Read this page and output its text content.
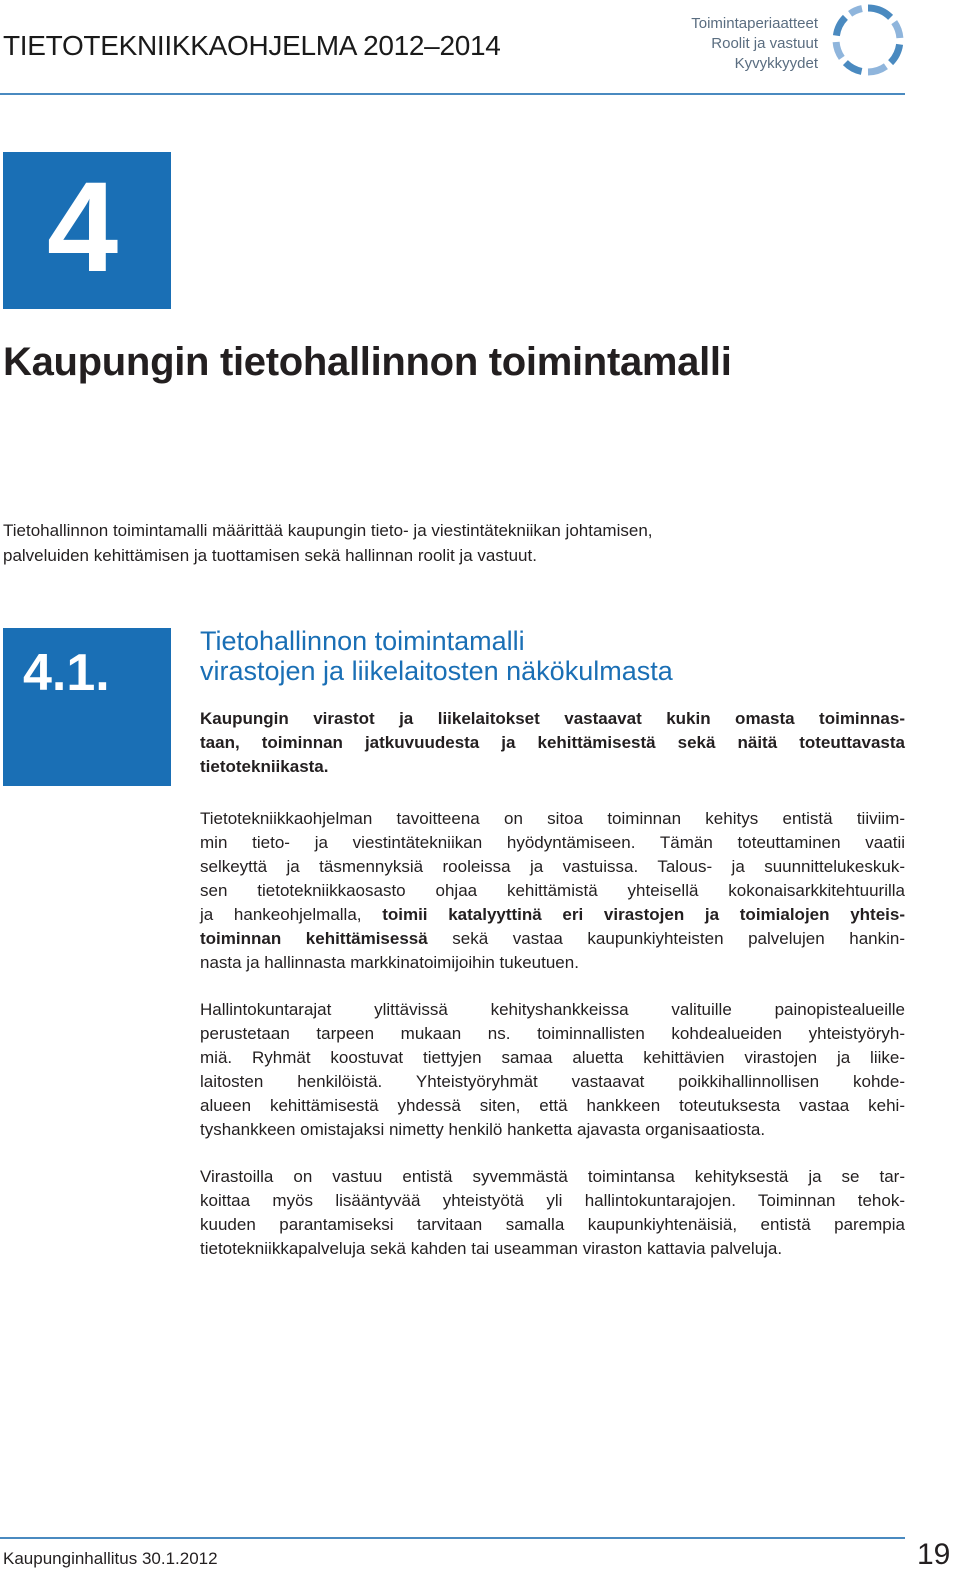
TIETOTEKNIIKKAOHJELMA 2012–2014
Toimintaperiaatteet
Roolit ja vastuut
Kyvykkyydet
4
Kaupungin tietohallinnon toimintamalli
Tietohallinnon toimintamalli määrittää kaupungin tieto- ja viestintätekniikan johtamisen,
palveluiden kehittämisen ja tuottamisen sekä hallinnan roolit ja vastuut.
4.1.
Tietohallinnon toimintamalli
virastojen ja liikelaitosten näkökulmasta
Kaupungin virastot ja liikelaitokset vastaavat kukin omasta toiminnas-
taan, toiminnan jatkuvuudesta ja kehittämisestä sekä näitä toteuttavasta
tietotekniikasta.
Tietotekniikkaohjelman tavoitteena on sitoa toiminnan kehitys entistä tiiviim-
min tieto- ja viestintätekniikan hyödyntämiseen. Tämän toteuttaminen vaatii
selkeyttä ja täsmennyksiä rooleissa ja vastuissa. Talous- ja suunnittelukeskuk-
sen tietotekniikkaosasto ohjaa kehittämistä yhteisellä kokonaisarkkitehtuurilla
ja hankeohjelmalla, toimii katalyyttinä eri virastojen ja toimialojen yhteis-
toiminnan kehittämisessä sekä vastaa kaupunkiyhteisten palvelujen hankin-
nasta ja hallinnasta markkinatoimijoihin tukeutuen.
Hallintokuntarajat ylittävissä kehityshankkeissa valituille painopistealueille
perustetaan tarpeen mukaan ns. toiminnallisten kohdealueiden yhteistyöryh-
miä. Ryhmät koostuvat tiettyjen samaa aluetta kehittävien virastojen ja liike-
laitosten henkilöistä. Yhteistyöryhmät vastaavat poikkihallinnollisen kohde-
alueen kehittämisestä yhdessä siten, että hankkeen toteutuksesta vastaa kehi-
tyshankkeen omistajaksi nimetty henkilö hanketta ajavasta organisaatiosta.
Virastoilla on vastuu entistä syvemmästä toimintansa kehityksestä ja se tar-
koittaa myös lisääntyvää yhteistyötä yli hallintokuntarajojen. Toiminnan tehok-
kuuden parantamiseksi tarvitaan samalla kaupunkiyhtenäisiä, entistä parempia
tietotekniikkapalveluja sekä kahden tai useamman viraston kattavia palveluja.
Kaupunginhallitus 30.1.2012	19
